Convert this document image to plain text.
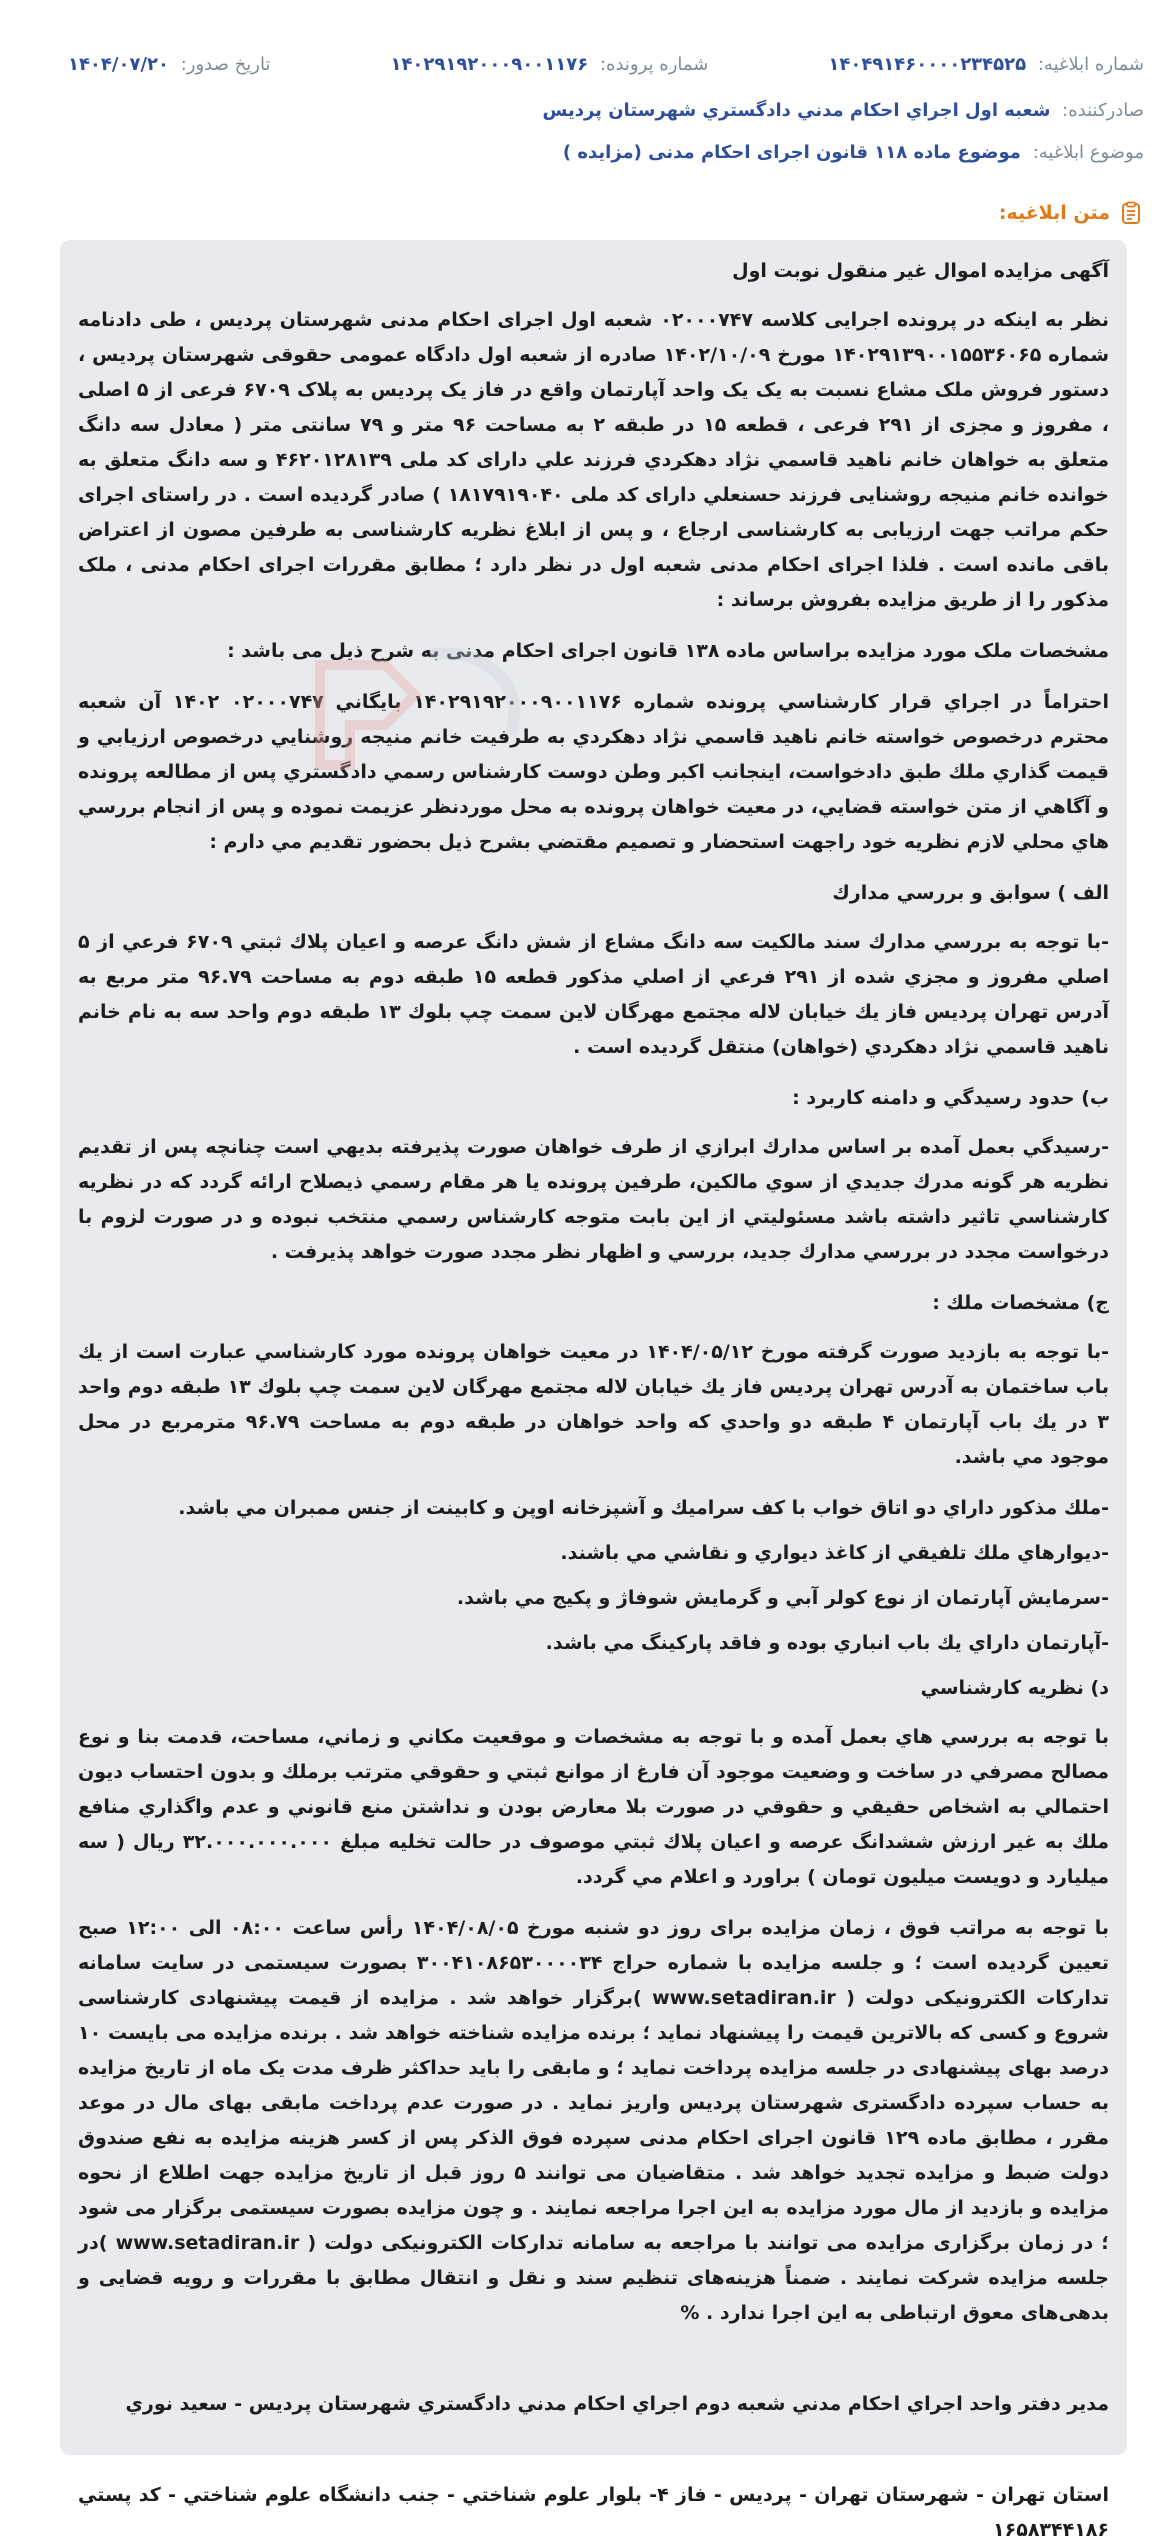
شماره ابلاغیه: ۱۴۰۴۹۱۴۶۰۰۰۰۲۳۴۵۲۵
شماره پرونده: ۱۴۰۲۹۱۹۲۰۰۰۹۰۰۱۱۷۶
تاریخ صدور: ۱۴۰۴/۰۷/۲۰
صادرکننده: شعبه اول اجراي احكام مدني دادگستري شهرستان پرديس
موضوع ابلاغیه: موضوع ماده ۱۱۸ قانون اجرای احکام مدنی (مزایده )
متن ابلاغیه:

آگهی مزایده اموال غیر منقول نوبت اول

نظر به اینکه در پرونده اجرایی کلاسه ۰۲۰۰۰۷۴۷ شعبه اول اجرای احکام مدنی شهرستان پردیس ، طی دادنامه شماره ۱۴۰۲۹۱۳۹۰۰۱۵۵۳۶۰۶۵ مورخ ۱۴۰۲/۱۰/۰۹ صادره از شعبه اول دادگاه عمومی حقوقی شهرستان پردیس ، دستور فروش ملک مشاع نسبت به یک یک واحد آپارتمان واقع در فاز یک پردیس به پلاک ۶۷۰۹ فرعی از ۵ اصلی ، مفروز و مجزی از ۲۹۱ فرعی ، قطعه ۱۵ در طبقه ۲ به مساحت ۹۶ متر و ۷۹ سانتی متر ( معادل سه دانگ متعلق به خواهان خانم ناهید قاسمي نژاد دهكردي فرزند علي دارای کد ملی ۴۶۲۰۱۲۸۱۳۹ و سه دانگ متعلق به خوانده خانم منیجه روشنایی فرزند حسنعلي دارای کد ملی ۱۸۱۷۹۱۹۰۴۰ ) صادر گردیده است . در راستای اجرای حکم مراتب جهت ارزیابی به کارشناسی ارجاع ، و پس از ابلاغ نظریه کارشناسی به طرفین مصون از اعتراض باقی مانده است . فلذا اجرای احکام مدنی شعبه اول در نظر دارد ؛ مطابق مقررات اجرای احکام مدنی ، ملک مذکور را از طریق مزایده بفروش برساند :

مشخصات ملک مورد مزایده براساس ماده ۱۳۸ قانون اجرای احکام مدنی به شرح ذیل می باشد :

احتراماً در اجراي قرار كارشناسي پرونده شماره ۱۴۰۲۹۱۹۲۰۰۰۹۰۰۱۱۷۶ بايگاني ۰۲۰۰۰۷۴۷ ۱۴۰۲ آن شعبه محترم درخصوص خواسته خانم ناهيد قاسمي نژاد دهكردي به طرفيت خانم منيجه روشنايي درخصوص ارزيابي و قيمت گذاري ملك طبق دادخواست، اينجانب اكبر وطن دوست كارشناس رسمي دادگستري پس از مطالعه پرونده و آگاهي از متن خواسته قضايي، در معيت خواهان پرونده به محل موردنظر عزيمت نموده و پس از انجام بررسي هاي محلي لازم نظريه خود راجهت استحضار و تصميم مقتضي بشرح ذيل بحضور تقديم مي دارم :

الف ) سوابق و بررسي مدارك

-با توجه به بررسي مدارك سند مالكيت سه دانگ مشاع از شش دانگ عرصه و اعيان پلاك ثبتي ۶۷۰۹ فرعي از ۵ اصلي مفروز و مجزي شده از ۲۹۱ فرعي از اصلي مذكور قطعه ۱۵ طبقه دوم به مساحت ۹۶.۷۹ متر مربع به آدرس تهران پرديس فاز يك خيابان لاله مجتمع مهرگان لاين سمت چپ بلوك ۱۳ طبقه دوم واحد سه به نام خانم ناهيد قاسمي نژاد دهكردي (خواهان) منتقل گرديده است .

ب) حدود رسيدگي و دامنه كاربرد :

-رسيدگي بعمل آمده بر اساس مدارك ابرازي از طرف خواهان صورت پذيرفته بديهي است چنانچه پس از تقديم نظريه هر گونه مدرك جديدي از سوي مالكين، طرفين پرونده يا هر مقام رسمي ذيصلاح ارائه گردد كه در نظريه كارشناسي تاثير داشته باشد مسئوليتي از اين بابت متوجه كارشناس رسمي منتخب نبوده و در صورت لزوم با درخواست مجدد در بررسي مدارك جديد، بررسي و اظهار نظر مجدد صورت خواهد پذيرفت .

ج) مشخصات ملك :

-با توجه به بازديد صورت گرفته مورخ ۱۴۰۴/۰۵/۱۲ در معيت خواهان پرونده مورد كارشناسي عبارت است از يك باب ساختمان به آدرس تهران پرديس فاز يك خيابان لاله مجتمع مهرگان لاين سمت چپ بلوك ۱۳ طبقه دوم واحد ۳ در يك باب آپارتمان ۴ طبقه دو واحدي كه واحد خواهان در طبقه دوم به مساحت ۹۶.۷۹ مترمربع در محل موجود مي باشد.

-ملك مذكور داراي دو اتاق خواب با كف سراميك و آشپزخانه اوپن و كابينت از جنس ممبران مي باشد.

-ديوارهاي ملك تلفيقي از كاغذ ديواري و نقاشي مي باشند.

-سرمايش آپارتمان از نوع كولر آبي و گرمايش شوفاژ و پكيج مي باشد.

-آپارتمان داراي يك باب انباري بوده و فاقد پاركينگ مي باشد.

د) نظريه كارشناسي

با توجه به بررسي هاي بعمل آمده و با توجه به مشخصات و موقعيت مكاني و زماني، مساحت، قدمت بنا و نوع مصالح مصرفي در ساخت و وضعيت موجود آن فارغ از موانع ثبتي و حقوقي مترتب برملك و بدون احتساب ديون احتمالي به اشخاص حقيقي و حقوقي در صورت بلا معارض بودن و نداشتن منع قانوني و عدم واگذاري منافع ملك به غير ارزش ششدانگ عرصه و اعيان پلاك ثبتي موصوف در حالت تخليه مبلغ ۳۲.۰۰۰.۰۰۰.۰۰۰ ريال ( سه ميليارد و دويست ميليون تومان ) براورد و اعلام مي گردد.

با توجه به مراتب فوق ، زمان مزایده برای روز دو شنبه مورخ ۱۴۰۴/۰۸/۰۵ رأس ساعت ۰۸:۰۰ الی ۱۲:۰۰ صبح تعیین گردیده است ؛ و جلسه مزایده با شماره حراج ۳۰۰۴۱۰۸۶۵۳۰۰۰۰۳۴ بصورت سیستمی در سایت سامانه تدارکات الکترونیکی دولت ( www.setadiran.ir )برگزار خواهد شد . مزایده از قیمت پیشنهادی کارشناسی شروع و کسی که بالاترین قیمت را پیشنهاد نماید ؛ برنده مزایده شناخته خواهد شد . برنده مزایده می بایست ۱۰ درصد بهای پیشنهادی در جلسه مزایده پرداخت نماید ؛ و مابقی را باید حداکثر ظرف مدت یک ماه از تاریخ مزایده به حساب سپرده دادگستری شهرستان پردیس واریز نماید . در صورت عدم پرداخت مابقی بهای مال در موعد مقرر ، مطابق ماده ۱۲۹ قانون اجرای احکام مدنی سپرده فوق الذکر پس از کسر هزینه مزایده به نفع صندوق دولت ضبط و مزایده تجدید خواهد شد . متقاضیان می توانند ۵ روز قبل از تاریخ مزایده جهت اطلاع از نحوه مزایده و بازدید از مال مورد مزایده به این اجرا مراجعه نمایند . و چون مزایده بصورت سیستمی برگزار می شود ؛ در زمان برگزاری مزایده می توانند با مراجعه به سامانه تدارکات الکترونیکی دولت ( www.setadiran.ir )در جلسه مزایده شرکت نمایند . ضمناً هزینه‌های تنظیم سند و نقل و انتقال مطابق با مقررات و رویه قضایی و بدهی‌های معوق ارتباطی به این اجرا ندارد . %

مدير دفتر واحد اجراي احكام مدني شعبه دوم اجراي احكام مدني دادگستري شهرستان پرديس - سعيد نوري

استان تهران - شهرستان تهران - پرديس - فاز ۴- بلوار علوم شناختي - جنب دانشگاه علوم شناختي - كد پستي ۱۶۵۸۳۴۴۱۸۶
